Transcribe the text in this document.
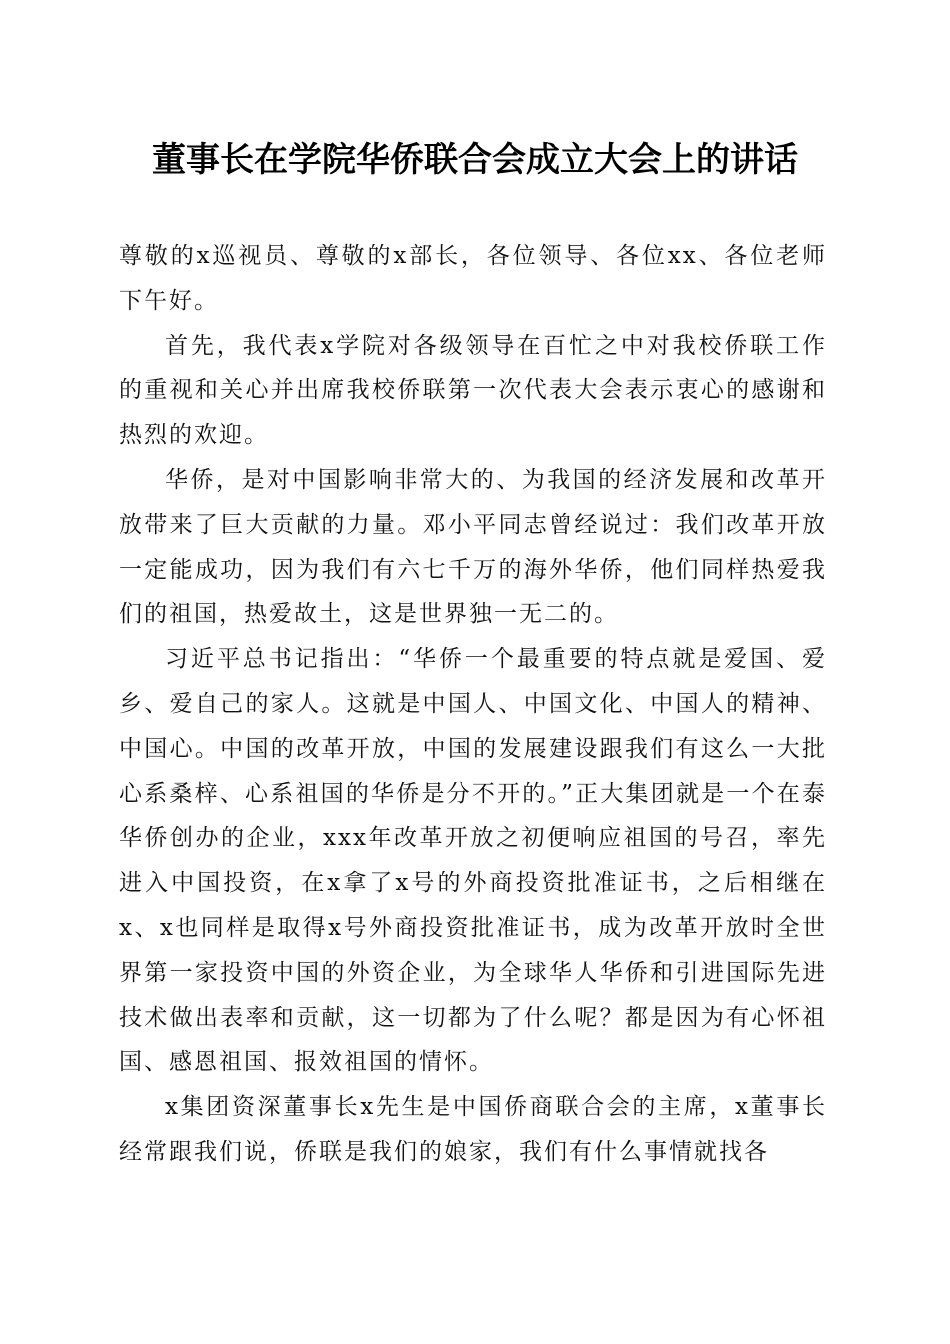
董事长在学院华侨联合会成立大会上的讲话

尊敬的x巡视员、尊敬的x部长，各位领导、各位xx、各位老师下午好。

首先，我代表x学院对各级领导在百忙之中对我校侨联工作的重视和关心并出席我校侨联第一次代表大会表示衷心的感谢和热烈的欢迎。

华侨，是对中国影响非常大的、为我国的经济发展和改革开放带来了巨大贡献的力量。邓小平同志曾经说过：我们改革开放一定能成功，因为我们有六七千万的海外华侨，他们同样热爱我们的祖国，热爱故土，这是世界独一无二的。

习近平总书记指出：“华侨一个最重要的特点就是爱国、爱乡、爱自己的家人。这就是中国人、中国文化、中国人的精神、中国心。中国的改革开放，中国的发展建设跟我们有这么一大批心系桑梓、心系祖国的华侨是分不开的。”正大集团就是一个在泰华侨创办的企业，xxx年改革开放之初便响应祖国的号召，率先进入中国投资，在x拿了x号的外商投资批准证书，之后相继在x、x也同样是取得x号外商投资批准证书，成为改革开放时全世界第一家投资中国的外资企业，为全球华人华侨和引进国际先进技术做出表率和贡献，这一切都为了什么呢？都是因为有心怀祖国、感恩祖国、报效祖国的情怀。

x集团资深董事长x先生是中国侨商联合会的主席，x董事长经常跟我们说，侨联是我们的娘家，我们有什么事情就找各
